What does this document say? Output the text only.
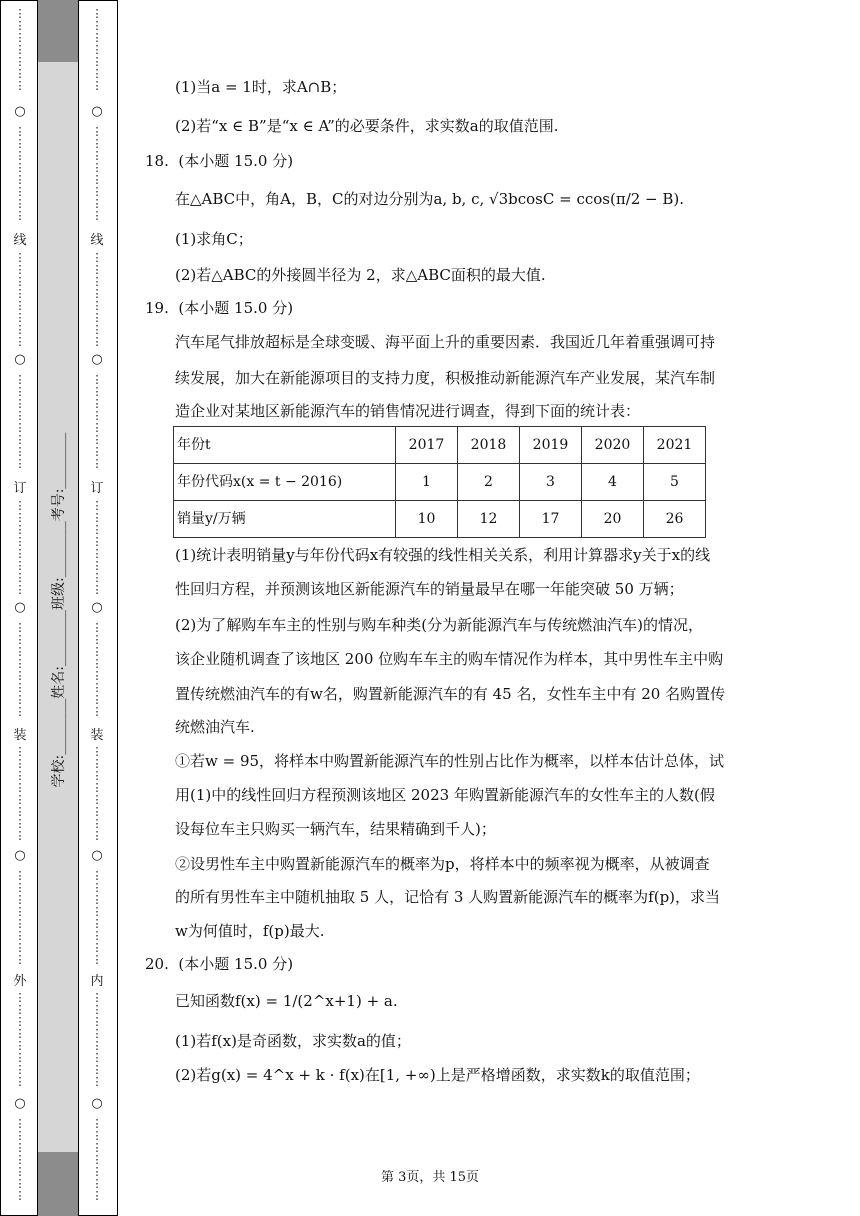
⋮
⋮
⋮
⋮
⋮
⋮
⋮
○
⋮
⋮
⋮
⋮
⋮
⋮
⋮
⋮
线
⋮
⋮
⋮
⋮
⋮
⋮
⋮
⋮
○
⋮
⋮
⋮
⋮
⋮
⋮
⋮
⋮
订
⋮
⋮
⋮
⋮
⋮
⋮
⋮
⋮
○
⋮
⋮
⋮
⋮
⋮
⋮
⋮
⋮
装
⋮
⋮
⋮
⋮
⋮
⋮
⋮
⋮
○
⋮
⋮
⋮
⋮
⋮
⋮
⋮
⋮
外
⋮
⋮
⋮
⋮
⋮
⋮
⋮
⋮
○
⋮
⋮
⋮
⋮
⋮
⋮
⋮
⋮
⋮
⋮
⋮
⋮
⋮
⋮
○
⋮
⋮
⋮
⋮
⋮
⋮
⋮
⋮
线
⋮
⋮
⋮
⋮
⋮
⋮
⋮
⋮
○
⋮
⋮
⋮
⋮
⋮
⋮
⋮
⋮
订
⋮
⋮
⋮
⋮
⋮
⋮
⋮
⋮
○
⋮
⋮
⋮
⋮
⋮
⋮
⋮
⋮
装
⋮
⋮
⋮
⋮
⋮
⋮
⋮
⋮
○
⋮
⋮
⋮
⋮
⋮
⋮
⋮
⋮
内
⋮
⋮
⋮
⋮
⋮
⋮
⋮
⋮
○
⋮
⋮
⋮
⋮
⋮
⋮
⋮
学校:________姓名:________班级:________考号:________
(1)当a = 1时，求A∩B；
(2)若“x ∈ B”是“x ∈ A”的必要条件，求实数a的取值范围.
18. (本小题 15.0 分)
在△ABC中，角A，B，C的对边分别为a, b, c, √3bcosC = ccos(π/2 − B).
(1)求角C；
(2)若△ABC的外接圆半径为 2，求△ABC面积的最大值.
19. (本小题 15.0 分)
汽车尾气排放超标是全球变暖、海平面上升的重要因素．我国近几年着重强调可持
续发展，加大在新能源项目的支持力度，积极推动新能源汽车产业发展，某汽车制
造企业对某地区新能源汽车的销售情况进行调查，得到下面的统计表：
年份t	2017	2018	2019	2020	2021
年份代码x(x = t − 2016)	1	2	3	4	5
销量y/万辆	10	12	17	20	26
(1)统计表明销量y与年份代码x有较强的线性相关关系，利用计算器求y关于x的线
性回归方程，并预测该地区新能源汽车的销量最早在哪一年能突破 50 万辆；
(2)为了解购车车主的性别与购车种类(分为新能源汽车与传统燃油汽车)的情况，
该企业随机调查了该地区 200 位购车车主的购车情况作为样本，其中男性车主中购
置传统燃油汽车的有w名，购置新能源汽车的有 45 名，女性车主中有 20 名购置传
统燃油汽车.
①若w = 95，将样本中购置新能源汽车的性别占比作为概率，以样本估计总体，试
用(1)中的线性回归方程预测该地区 2023 年购置新能源汽车的女性车主的人数(假
设每位车主只购买一辆汽车，结果精确到千人)；
②设男性车主中购置新能源汽车的概率为p，将样本中的频率视为概率，从被调查
的所有男性车主中随机抽取 5 人，记恰有 3 人购置新能源汽车的概率为f(p)，求当
w为何值时，f(p)最大.
20. (本小题 15.0 分)
已知函数f(x) = 1/(2^x+1) + a.
(1)若f(x)是奇函数，求实数a的值；
(2)若g(x) = 4^x + k · f(x)在[1, +∞)上是严格增函数，求实数k的取值范围；
第 3页，共 15页
